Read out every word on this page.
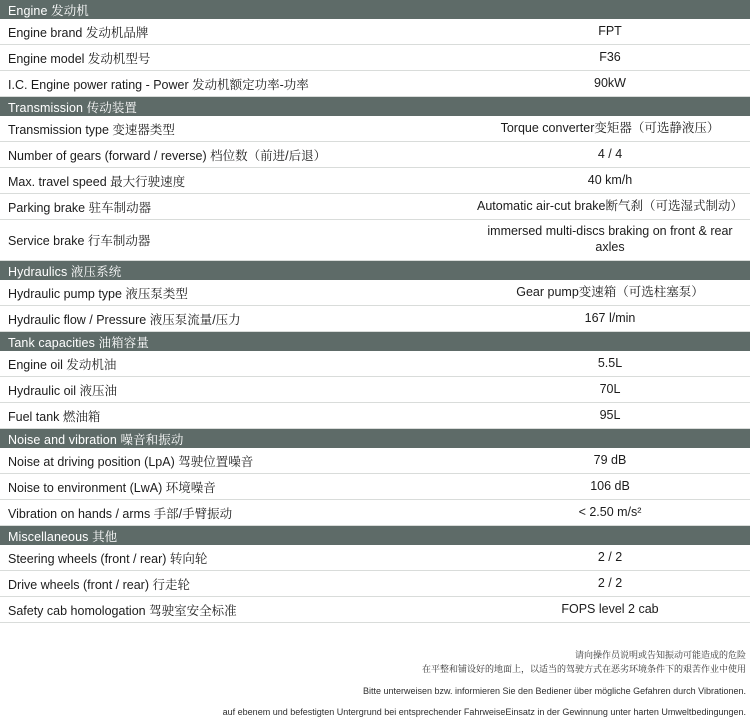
Engine 发动机		
Engine brand 发动机品牌		FPT
Engine model 发动机型号		F36
I.C. Engine power rating - Power 发动机额定功率-功率		90kW
Transmission 传动装置		
Transmission type 变速器类型		Torque converter变矩器（可选静液压）
Number of gears (forward / reverse) 档位数（前进/后退）		4 / 4
Max. travel speed 最大行驶速度		40 km/h
Parking brake 驻车制动器		Automatic air-cut brake断气刹（可选湿式制动）
Service brake 行车制动器		immersed multi-discs braking on front & rear axles
Hydraulics 液压系统		
Hydraulic pump type 液压泵类型		Gear pump变速箱（可选柱塞泵）
Hydraulic flow / Pressure 液压泵流量/压力		167 l/min
Tank capacities 油箱容量		
Engine oil 发动机油		5.5L
Hydraulic oil 液压油		70L
Fuel tank 燃油箱		95L
Noise and vibration 噪音和振动		
Noise at driving position (LpA) 驾驶位置噪音		79 dB
Noise to environment (LwA) 环境噪音		106 dB
Vibration on hands / arms 手部/手臂振动		< 2.50 m/s²
Miscellaneous 其他		
Steering wheels (front / rear) 转向轮		2 / 2
Drive wheels (front / rear) 行走轮		2 / 2
Safety cab homologation 驾驶室安全标准		FOPS level 2 cab
请向操作员说明或告知振动可能造成的危险
在平整和铺设好的地面上，以适当的驾驶方式在恶劣环境条件下的艰苦作业中使用
Bitte unterweisen bzw. informieren Sie den Bediener über mögliche Gefahren durch Vibrationen.
auf ebenem und befestigten Untergrund bei entsprechender FahrweiseEinsatz in der Gewinnung unter harten Umweltbedingungen.
